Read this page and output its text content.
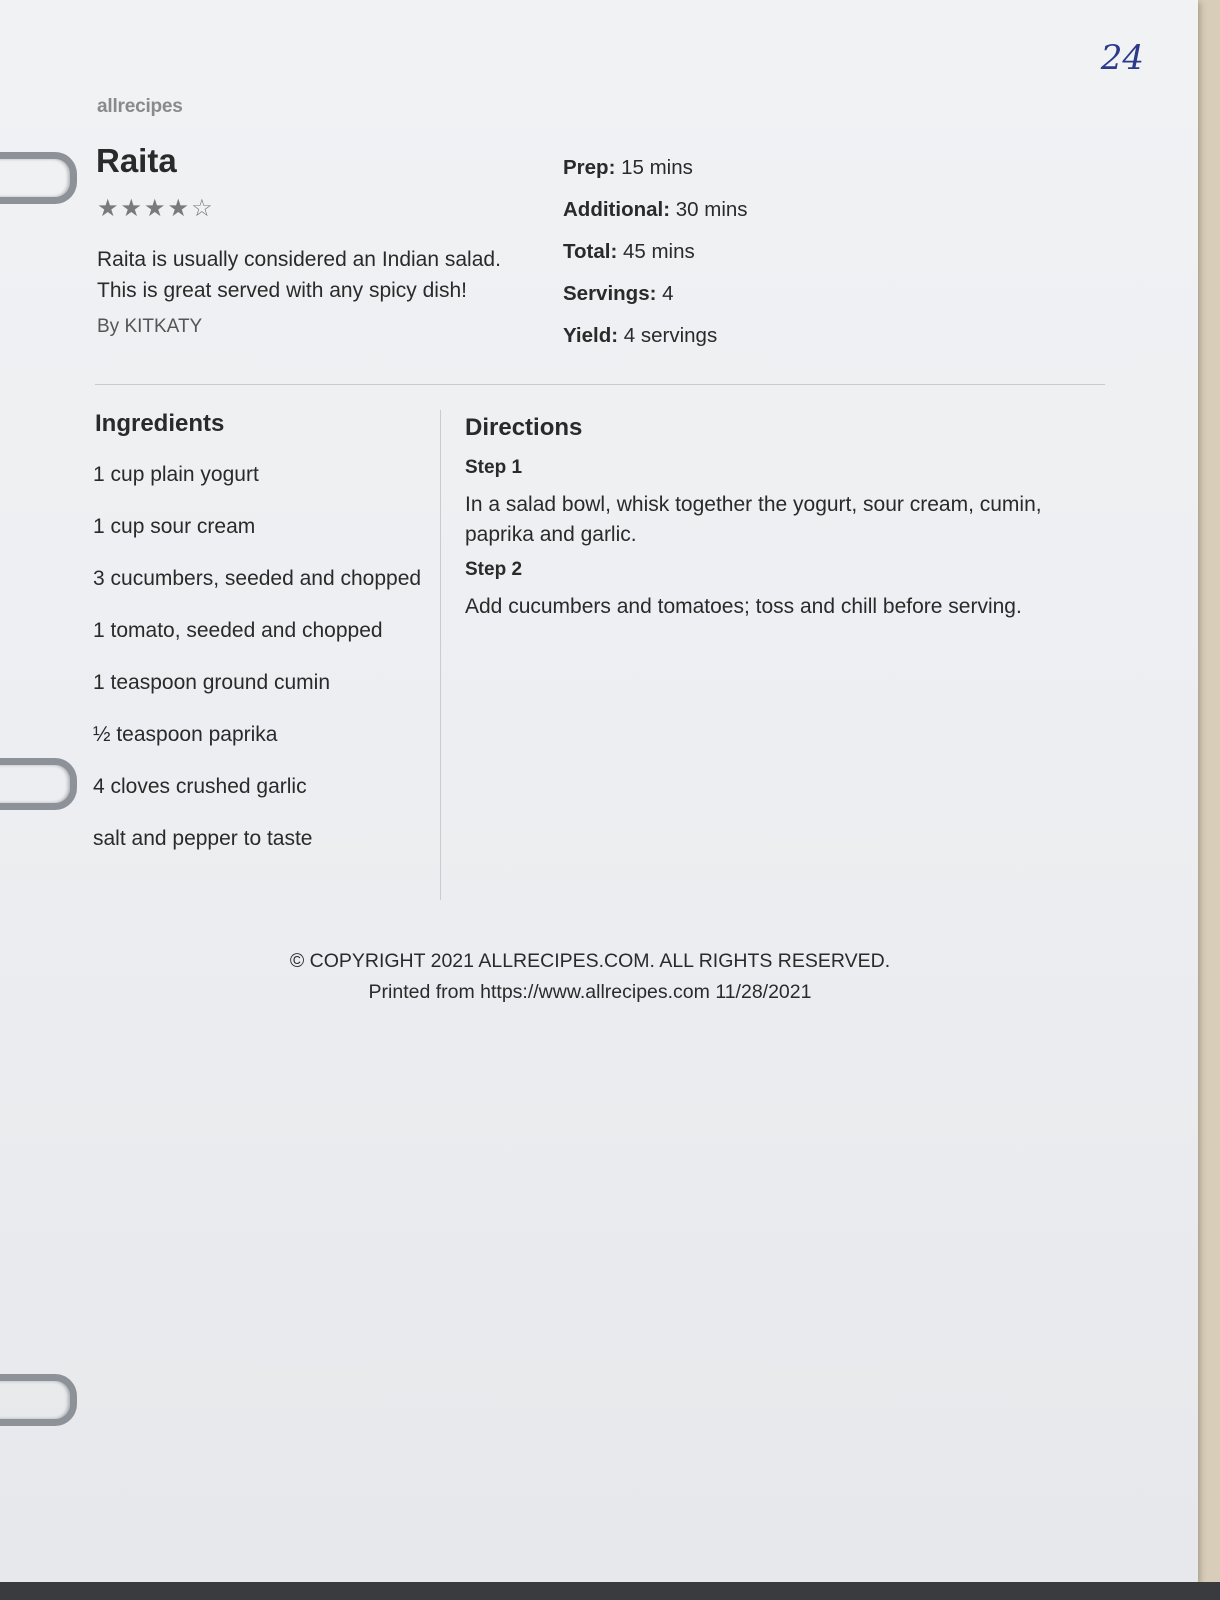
24
allrecipes
Raita
★★★★☆
Raita is usually considered an Indian salad. This is great served with any spicy dish!
By KITKATY
Prep: 15 mins
Additional: 30 mins
Total: 45 mins
Servings: 4
Yield: 4 servings
Ingredients
1 cup plain yogurt
1 cup sour cream
3 cucumbers, seeded and chopped
1 tomato, seeded and chopped
1 teaspoon ground cumin
½ teaspoon paprika
4 cloves crushed garlic
salt and pepper to taste
Directions
Step 1
In a salad bowl, whisk together the yogurt, sour cream, cumin, paprika and garlic.
Step 2
Add cucumbers and tomatoes; toss and chill before serving.
© COPYRIGHT 2021 ALLRECIPES.COM. ALL RIGHTS RESERVED.
Printed from https://www.allrecipes.com 11/28/2021
